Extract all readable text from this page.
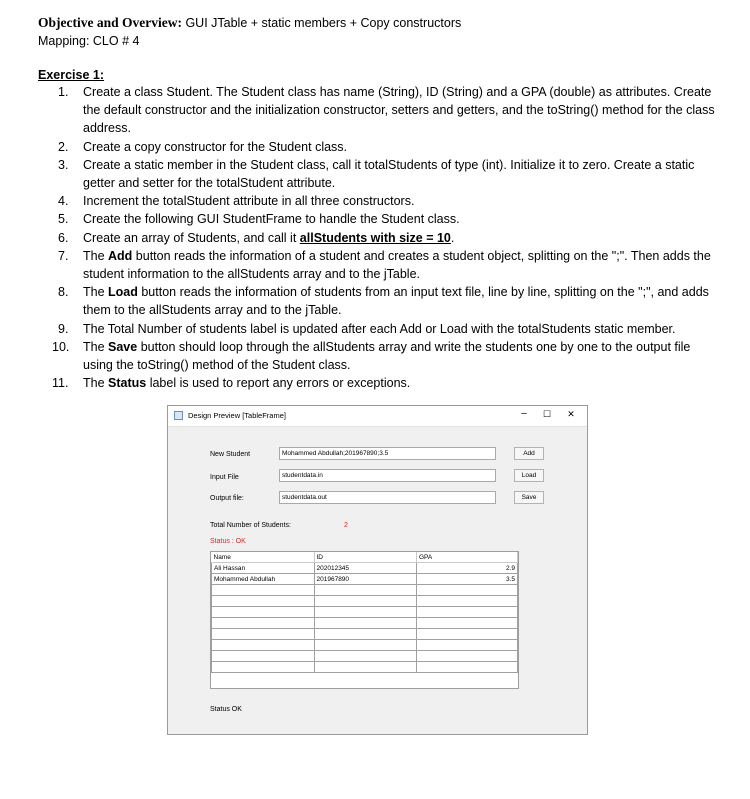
Objective and Overview: GUI JTable + static members + Copy constructors
Mapping: CLO # 4
Exercise 1:
1. Create a class Student. The Student class has name (String), ID (String) and a GPA (double) as attributes. Create the default constructor and the initialization constructor, setters and getters, and the toString() method for the class address.
2. Create a copy constructor for the Student class.
3. Create a static member in the Student class, call it totalStudents of type (int). Initialize it to zero. Create a static getter and setter for the totalStudent attribute.
4. Increment the totalStudent attribute in all three constructors.
5. Create the following GUI StudentFrame to handle the Student class.
6. Create an array of Students, and call it allStudents with size = 10.
7. The Add button reads the information of a student and creates a student object, splitting on the ";". Then adds the student information to the allStudents array and to the jTable.
8. The Load button reads the information of students from an input text file, line by line, splitting on the ";", and adds them to the allStudents array and to the jTable.
9. The Total Number of students label is updated after each Add or Load with the totalStudents static member.
10. The Save button should loop through the allStudents array and write the students one by one to the output file using the toString() method of the Student class.
11. The Status label is used to report any errors or exceptions.
Design Preview [TableFrame]	–	☐	✕
New Student	Mohammed Abdullah;201967890;3.5	Add
Input File	studentdata.in	Load
Output file:	studentdata.out	Save
Total Number of Students:	2
Status : OK
Name	ID	GPA
Ali Hassan	202012345	2.9
Mohammed Abdullah	201967890	3.5

Status OK
